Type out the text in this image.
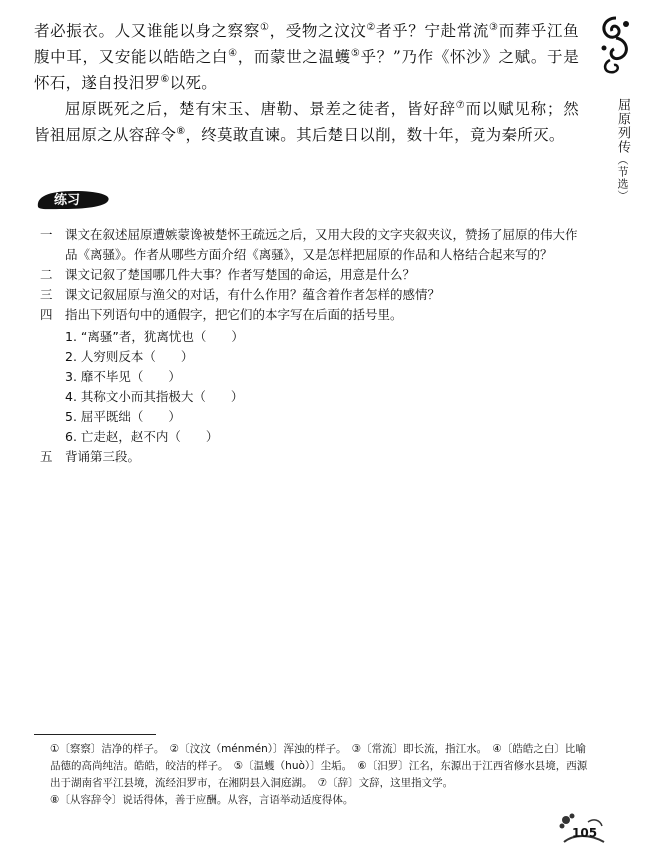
屈原列传（节选）

者必振衣。人又谁能以身之察察①，受物之汶汶②者乎？宁赴常流③而葬乎江鱼腹中耳，又安能以皓皓之白④，而蒙世之温蠖⑤乎？”乃作《怀沙》之赋。于是怀石，遂自投汨罗⑥以死。

屈原既死之后，楚有宋玉、唐勒、景差之徒者，皆好辞⑦而以赋见称；然皆祖屈原之从容辞令⑧，终莫敢直谏。其后楚日以削，数十年，竟为秦所灭。

练习
一 课文在叙述屈原遭嫉蒙谗被楚怀王疏远之后，又用大段的文字夹叙夹议，赞扬了屈原的伟大作品《离骚》。作者从哪些方面介绍《离骚》，又是怎样把屈原的作品和人格结合起来写的？
二 课文记叙了楚国哪几件大事？作者写楚国的命运，用意是什么？
三 课文记叙屈原与渔父的对话，有什么作用？蕴含着作者怎样的感情？
四 指出下列语句中的通假字，把它们的本字写在后面的括号里。
1. “离骚”者，犹离忧也（　　）
2. 人穷则反本（　　）
3. 靡不毕见（　　）
4. 其称文小而其指极大（　　）
5. 屈平既绌（　　）
6. 亡走赵，赵不内（　　）
五 背诵第三段。

①〔察察〕洁净的样子。　②〔汶汶（ménmén）〕浑浊的样子。　③〔常流〕即长流，指江水。　④〔皓皓之白〕比喻品德的高尚纯洁。皓皓，皎洁的样子。　⑤〔温蠖（huò）〕尘垢。　⑥〔汨罗〕江名，东源出于江西省修水县境，西源出于湖南省平江县境，流经汨罗市，在湘阴县入洞庭湖。　⑦〔辞〕文辞，这里指文学。

⑧〔从容辞令〕说话得体，善于应酬。从容，言语举动适度得体。

105
